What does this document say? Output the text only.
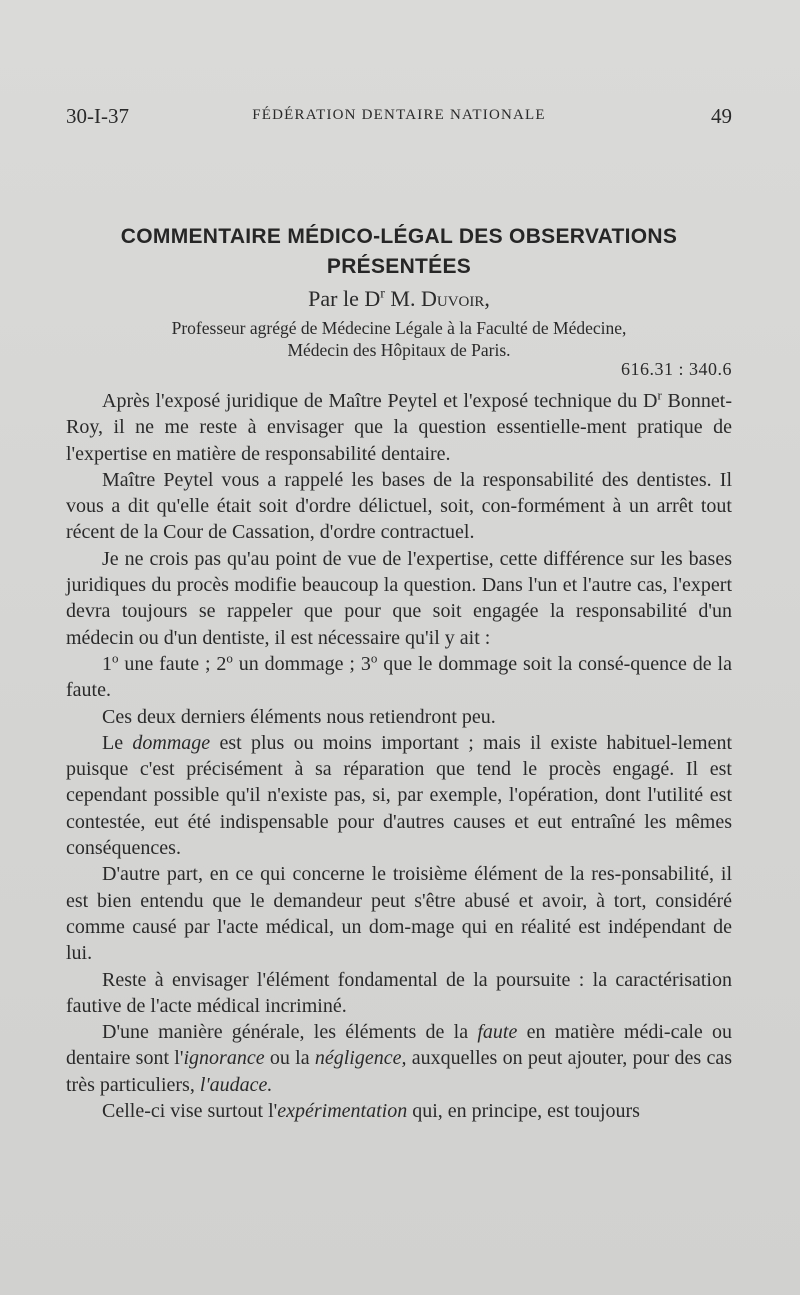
30-I-37	FÉDÉRATION DENTAIRE NATIONALE	49
COMMENTAIRE MÉDICO-LÉGAL DES OBSERVATIONS
PRÉSENTÉES
Par le $D^r$ M. Duvoir,
Professeur agrégé de Médecine Légale à la Faculté de Médecine,
Médecin des Hôpitaux de Paris.
616.31 : 340.6

Après l'exposé juridique de Maître Peytel et l'exposé technique du $D^r$ Bonnet-Roy, il ne me reste à envisager que la question essentielle-ment pratique de l'expertise en matière de responsabilité dentaire.

Maître Peytel vous a rappelé les bases de la responsabilité des dentistes. Il vous a dit qu'elle était soit d'ordre délictuel, soit, con-formément à un arrêt tout récent de la Cour de Cassation, d'ordre contractuel.

Je ne crois pas qu'au point de vue de l'expertise, cette différence sur les bases juridiques du procès modifie beaucoup la question. Dans l'un et l'autre cas, l'expert devra toujours se rappeler que pour que soit engagée la responsabilité d'un médecin ou d'un dentiste, il est nécessaire qu'il y ait :

1$^o$ une faute ; 2$^o$ un dommage ; 3$^o$ que le dommage soit la consé-quence de la faute.

Ces deux derniers éléments nous retiendront peu.

Le dommage est plus ou moins important ; mais il existe habituel-lement puisque c'est précisément à sa réparation que tend le procès engagé. Il est cependant possible qu'il n'existe pas, si, par exemple, l'opération, dont l'utilité est contestée, eut été indispensable pour d'autres causes et eut entraîné les mêmes conséquences.

D'autre part, en ce qui concerne le troisième élément de la res-ponsabilité, il est bien entendu que le demandeur peut s'être abusé et avoir, à tort, considéré comme causé par l'acte médical, un dom-mage qui en réalité est indépendant de lui.

Reste à envisager l'élément fondamental de la poursuite : la caractérisation fautive de l'acte médical incriminé.

D'une manière générale, les éléments de la faute en matière médi-cale ou dentaire sont l'ignorance ou la négligence, auxquelles on peut ajouter, pour des cas très particuliers, l'audace.

Celle-ci vise surtout l'expérimentation qui, en principe, est toujours
